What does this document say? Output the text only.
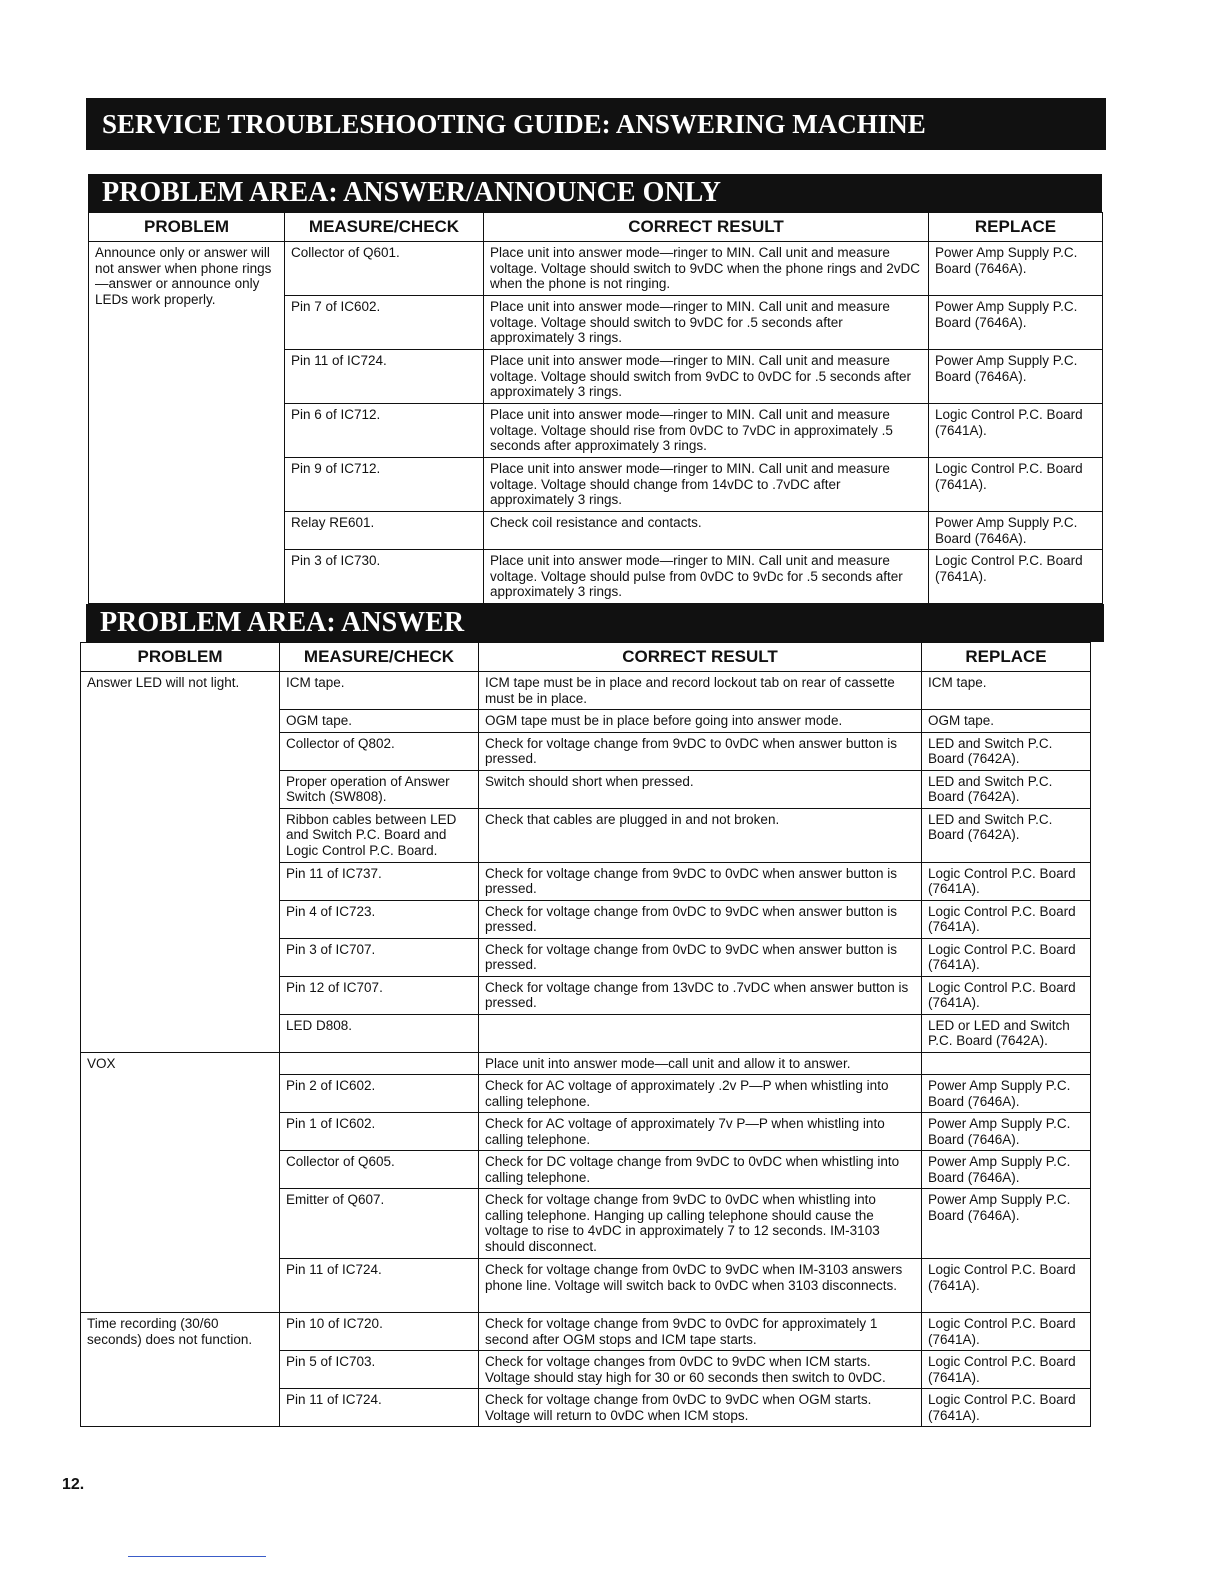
SERVICE TROUBLESHOOTING GUIDE: ANSWERING MACHINE
PROBLEM AREA: ANSWER/ANNOUNCE ONLY
PROBLEM	MEASURE/CHECK	CORRECT RESULT	REPLACE
Announce only or answer will not answer when phone rings—answer or announce only LEDs work properly.	Collector of Q601.	Place unit into answer mode—ringer to MIN. Call unit and measure voltage. Voltage should switch to 9vDC when the phone rings and 2vDC when the phone is not ringing.	Power Amp Supply P.C. Board (7646A).
	Pin 7 of IC602.	Place unit into answer mode—ringer to MIN. Call unit and measure voltage. Voltage should switch to 9vDC for .5 seconds after approximately 3 rings.	Power Amp Supply P.C. Board (7646A).
	Pin 11 of IC724.	Place unit into answer mode—ringer to MIN. Call unit and measure voltage. Voltage should switch from 9vDC to 0vDC for .5 seconds after approximately 3 rings.	Power Amp Supply P.C. Board (7646A).
	Pin 6 of IC712.	Place unit into answer mode—ringer to MIN. Call unit and measure voltage. Voltage should rise from 0vDC to 7vDC in approximately .5 seconds after approximately 3 rings.	Logic Control P.C. Board (7641A).
	Pin 9 of IC712.	Place unit into answer mode—ringer to MIN. Call unit and measure voltage. Voltage should change from 14vDC to .7vDC after approximately 3 rings.	Logic Control P.C. Board (7641A).
	Relay RE601.	Check coil resistance and contacts.	Power Amp Supply P.C. Board (7646A).
	Pin 3 of IC730.	Place unit into answer mode—ringer to MIN. Call unit and measure voltage. Voltage should pulse from 0vDC to 9vDc for .5 seconds after approximately 3 rings.	Logic Control P.C. Board (7641A).
PROBLEM AREA: ANSWER
PROBLEM	MEASURE/CHECK	CORRECT RESULT	REPLACE
Answer LED will not light.	ICM tape.	ICM tape must be in place and record lockout tab on rear of cassette must be in place.	ICM tape.
	OGM tape.	OGM tape must be in place before going into answer mode.	OGM tape.
	Collector of Q802.	Check for voltage change from 9vDC to 0vDC when answer button is pressed.	LED and Switch P.C. Board (7642A).
	Proper operation of Answer Switch (SW808).	Switch should short when pressed.	LED and Switch P.C. Board (7642A).
	Ribbon cables between LED and Switch P.C. Board and Logic Control P.C. Board.	Check that cables are plugged in and not broken.	LED and Switch P.C. Board (7642A).
	Pin 11 of IC737.	Check for voltage change from 9vDC to 0vDC when answer button is pressed.	Logic Control P.C. Board (7641A).
	Pin 4 of IC723.	Check for voltage change from 0vDC to 9vDC when answer button is pressed.	Logic Control P.C. Board (7641A).
	Pin 3 of IC707.	Check for voltage change from 0vDC to 9vDC when answer button is pressed.	Logic Control P.C. Board (7641A).
	Pin 12 of IC707.	Check for voltage change from 13vDC to .7vDC when answer button is pressed.	Logic Control P.C. Board (7641A).
	LED D808.		LED or LED and Switch P.C. Board (7642A).
VOX		Place unit into answer mode—call unit and allow it to answer.	
	Pin 2 of IC602.	Check for AC voltage of approximately .2v P—P when whistling into calling telephone.	Power Amp Supply P.C. Board (7646A).
	Pin 1 of IC602.	Check for AC voltage of approximately 7v P—P when whistling into calling telephone.	Power Amp Supply P.C. Board (7646A).
	Collector of Q605.	Check for DC voltage change from 9vDC to 0vDC when whistling into calling telephone.	Power Amp Supply P.C. Board (7646A).
	Emitter of Q607.	Check for voltage change from 9vDC to 0vDC when whistling into calling telephone. Hanging up calling telephone should cause the voltage to rise to 4vDC in approximately 7 to 12 seconds. IM-3103 should disconnect.	Power Amp Supply P.C. Board (7646A).
	Pin 11 of IC724.	Check for voltage change from 0vDC to 9vDC when IM-3103 answers phone line. Voltage will switch back to 0vDC when 3103 disconnects.	Logic Control P.C. Board (7641A).
Time recording (30/60 seconds) does not function.	Pin 10 of IC720.	Check for voltage change from 9vDC to 0vDC for approximately 1 second after OGM stops and ICM tape starts.	Logic Control P.C. Board (7641A).
	Pin 5 of IC703.	Check for voltage changes from 0vDC to 9vDC when ICM starts. Voltage should stay high for 30 or 60 seconds then switch to 0vDC.	Logic Control P.C. Board (7641A).
	Pin 11 of IC724.	Check for voltage change from 0vDC to 9vDC when OGM starts. Voltage will return to 0vDC when ICM stops.	Logic Control P.C. Board (7641A).
12.
